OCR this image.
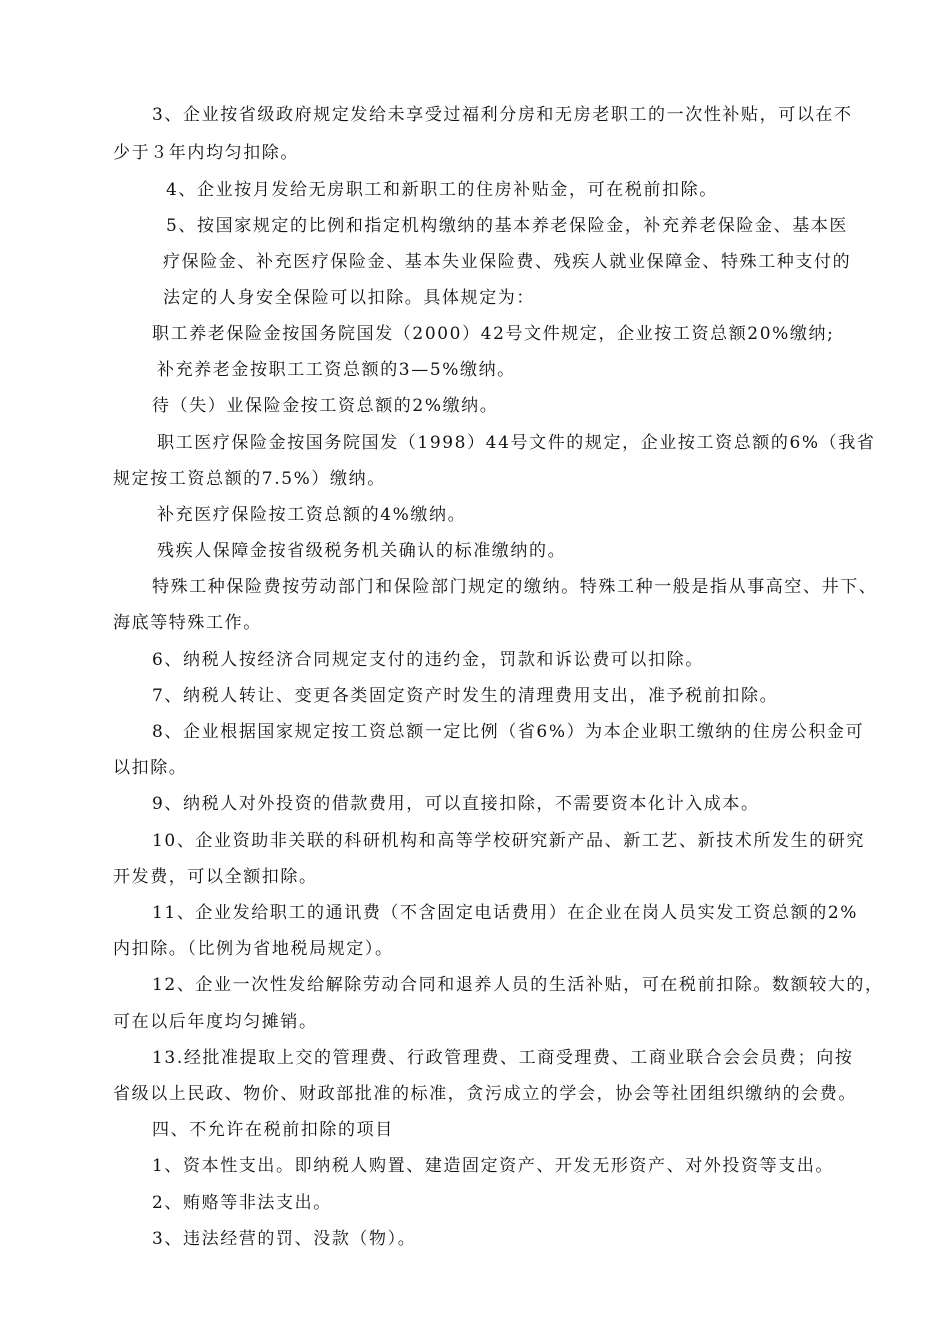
3、企业按省级政府规定发给未享受过福利分房和无房老职工的一次性补贴，可以在不
少于３年内均匀扣除。
4、企业按月发给无房职工和新职工的住房补贴金，可在税前扣除。
5、按国家规定的比例和指定机构缴纳的基本养老保险金，补充养老保险金、基本医
疗保险金、补充医疗保险金、基本失业保险费、残疾人就业保障金、特殊工种支付的
法定的人身安全保险可以扣除。具体规定为：
职工养老保险金按国务院国发（2000）42号文件规定，企业按工资总额20%缴纳;
补充养老金按职工工资总额的3—5%缴纳。
待（失）业保险金按工资总额的2%缴纳。
职工医疗保险金按国务院国发（1998）44号文件的规定，企业按工资总额的6%（我省
规定按工资总额的7.5%）缴纳。
补充医疗保险按工资总额的4%缴纳。
残疾人保障金按省级税务机关确认的标准缴纳的。
特殊工种保险费按劳动部门和保险部门规定的缴纳。特殊工种一般是指从事高空、井下、
海底等特殊工作。
6、纳税人按经济合同规定支付的违约金，罚款和诉讼费可以扣除。
7、纳税人转让、变更各类固定资产时发生的清理费用支出，准予税前扣除。
8、企业根据国家规定按工资总额一定比例（省6%）为本企业职工缴纳的住房公积金可
以扣除。
9、纳税人对外投资的借款费用，可以直接扣除，不需要资本化计入成本。
10、企业资助非关联的科研机构和高等学校研究新产品、新工艺、新技术所发生的研究
开发费，可以全额扣除。
11、企业发给职工的通讯费（不含固定电话费用）在企业在岗人员实发工资总额的2%
内扣除。（比例为省地税局规定）。
12、企业一次性发给解除劳动合同和退养人员的生活补贴，可在税前扣除。数额较大的，
可在以后年度均匀摊销。
13.经批准提取上交的管理费、行政管理费、工商受理费、工商业联合会会员费；向按
省级以上民政、物价、财政部批准的标准，贪污成立的学会，协会等社团组织缴纳的会费。
四、不允许在税前扣除的项目
1、资本性支出。即纳税人购置、建造固定资产、开发无形资产、对外投资等支出。
2、贿赂等非法支出。
3、违法经营的罚、没款（物）。
